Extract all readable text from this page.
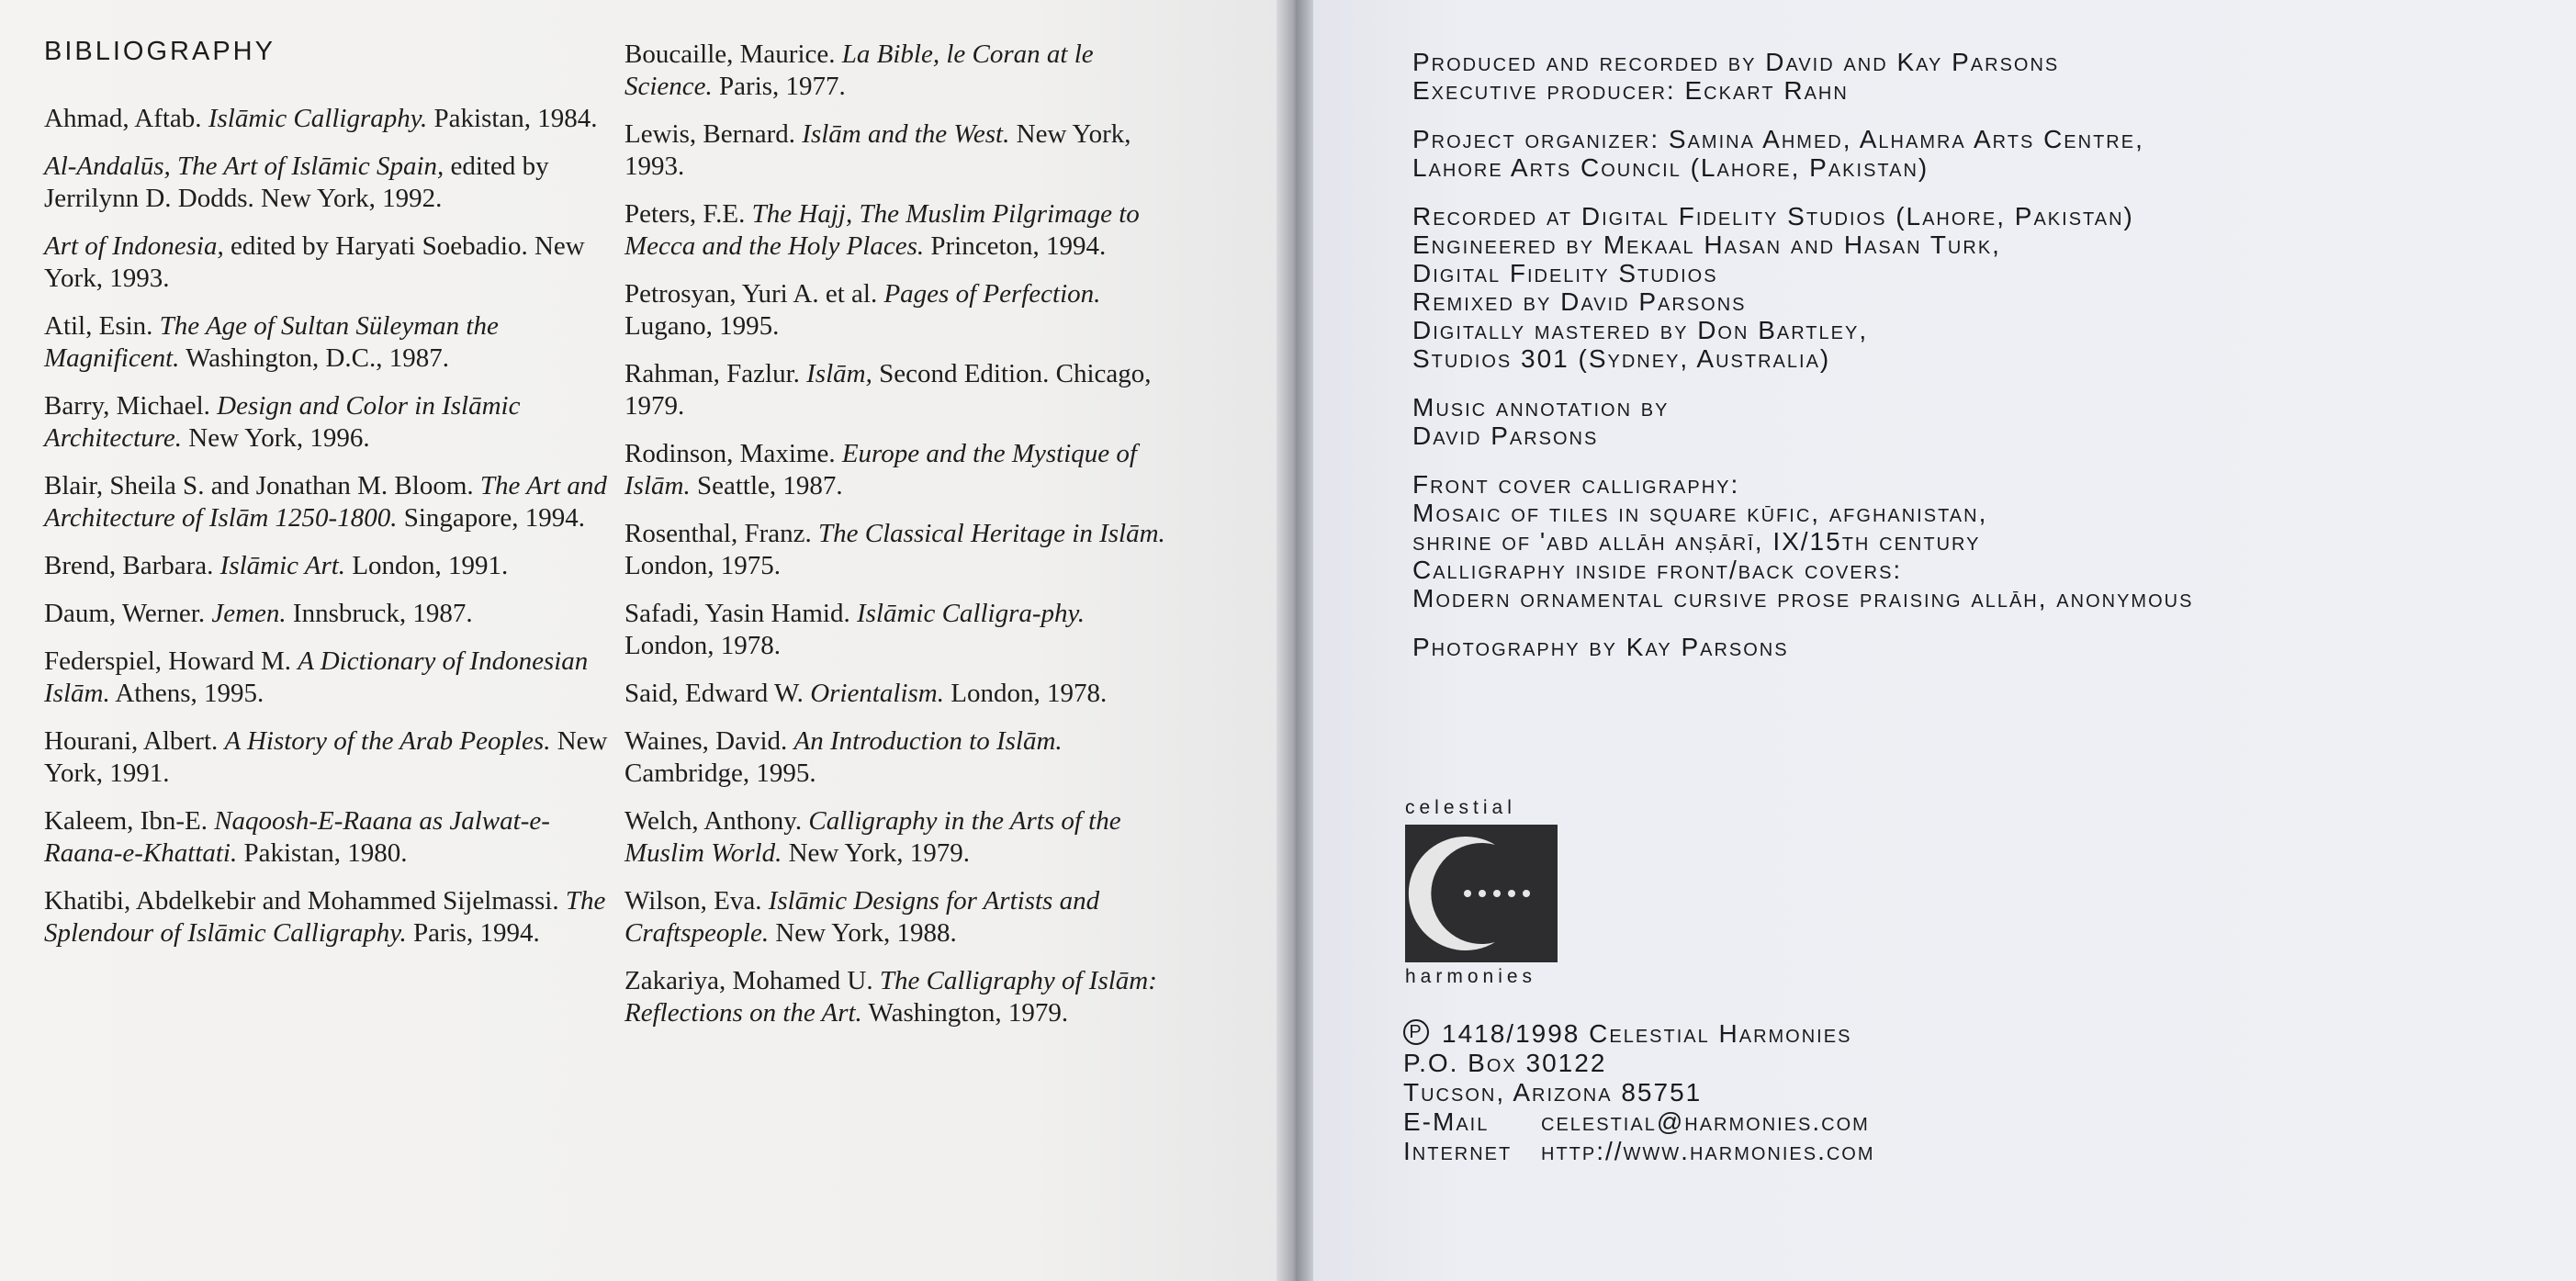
BIBLIOGRAPHY
Ahmad, Aftab. Islāmic Calligraphy. Pakistan, 1984.
Al-Andalūs, The Art of Islāmic Spain, edited by Jerrilynn D. Dodds. New York, 1992.
Art of Indonesia, edited by Haryati Soebadio. New York, 1993.
Atil, Esin. The Age of Sultan Süleyman the Magnificent. Washington, D.C., 1987.
Barry, Michael. Design and Color in Islāmic Architecture. New York, 1996.
Blair, Sheila S. and Jonathan M. Bloom. The Art and Architecture of Islām 1250-1800. Singapore, 1994.
Brend, Barbara. Islāmic Art. London, 1991.
Daum, Werner. Jemen. Innsbruck, 1987.
Federspiel, Howard M. A Dictionary of Indonesian Islām. Athens, 1995.
Hourani, Albert. A History of the Arab Peoples. New York, 1991.
Kaleem, Ibn-E. Naqoosh-E-Raana as Jalwat-e-Raana-e-Khattati. Pakistan, 1980.
Khatibi, Abdelkebir and Mohammed Sijelmassi. The Splendour of Islāmic Calligraphy. Paris, 1994.
Boucaille, Maurice. La Bible, le Coran at le Science. Paris, 1977.
Lewis, Bernard. Islām and the West. New York, 1993.
Peters, F.E. The Hajj, The Muslim Pilgrimage to Mecca and the Holy Places. Princeton, 1994.
Petrosyan, Yuri A. et al. Pages of Perfection. Lugano, 1995.
Rahman, Fazlur. Islām, Second Edition. Chicago, 1979.
Rodinson, Maxime. Europe and the Mystique of Islām. Seattle, 1987.
Rosenthal, Franz. The Classical Heritage in Islām. London, 1975.
Safadi, Yasin Hamid. Islāmic Calligra-phy. London, 1978.
Said, Edward W. Orientalism. London, 1978.
Waines, David. An Introduction to Islām. Cambridge, 1995.
Welch, Anthony. Calligraphy in the Arts of the Muslim World. New York, 1979.
Wilson, Eva. Islāmic Designs for Artists and Craftspeople. New York, 1988.
Zakariya, Mohamed U. The Calligraphy of Islām: Reflections on the Art. Washington, 1979.
Produced and recorded by David and Kay Parsons
Executive producer: Eckart Rahn
Project organizer: Samina Ahmed, Alhamra Arts Centre,
Lahore Arts Council (Lahore, Pakistan)
Recorded at Digital Fidelity Studios (Lahore, Pakistan)
Engineered by Mekaal Hasan and Hasan Turk,
Digital Fidelity Studios
Remixed by David Parsons
Digitally mastered by Don Bartley,
Studios 301 (Sydney, Australia)
Music annotation by
David Parsons
Front cover calligraphy:
Mosaic of tiles in square kūfic, afghanistan,
shrine of 'abd allāh anṣārī, IX/15th century
Calligraphy inside front/back covers:
Modern ornamental cursive prose praising allāh, anonymous
Photography by Kay Parsons
celestial
harmonies
P 1418/1998 Celestial Harmonies
P.O. Box 30122
Tucson, Arizona 85751
E-Mail	celestial@harmonies.com
Internet	http://www.harmonies.com
